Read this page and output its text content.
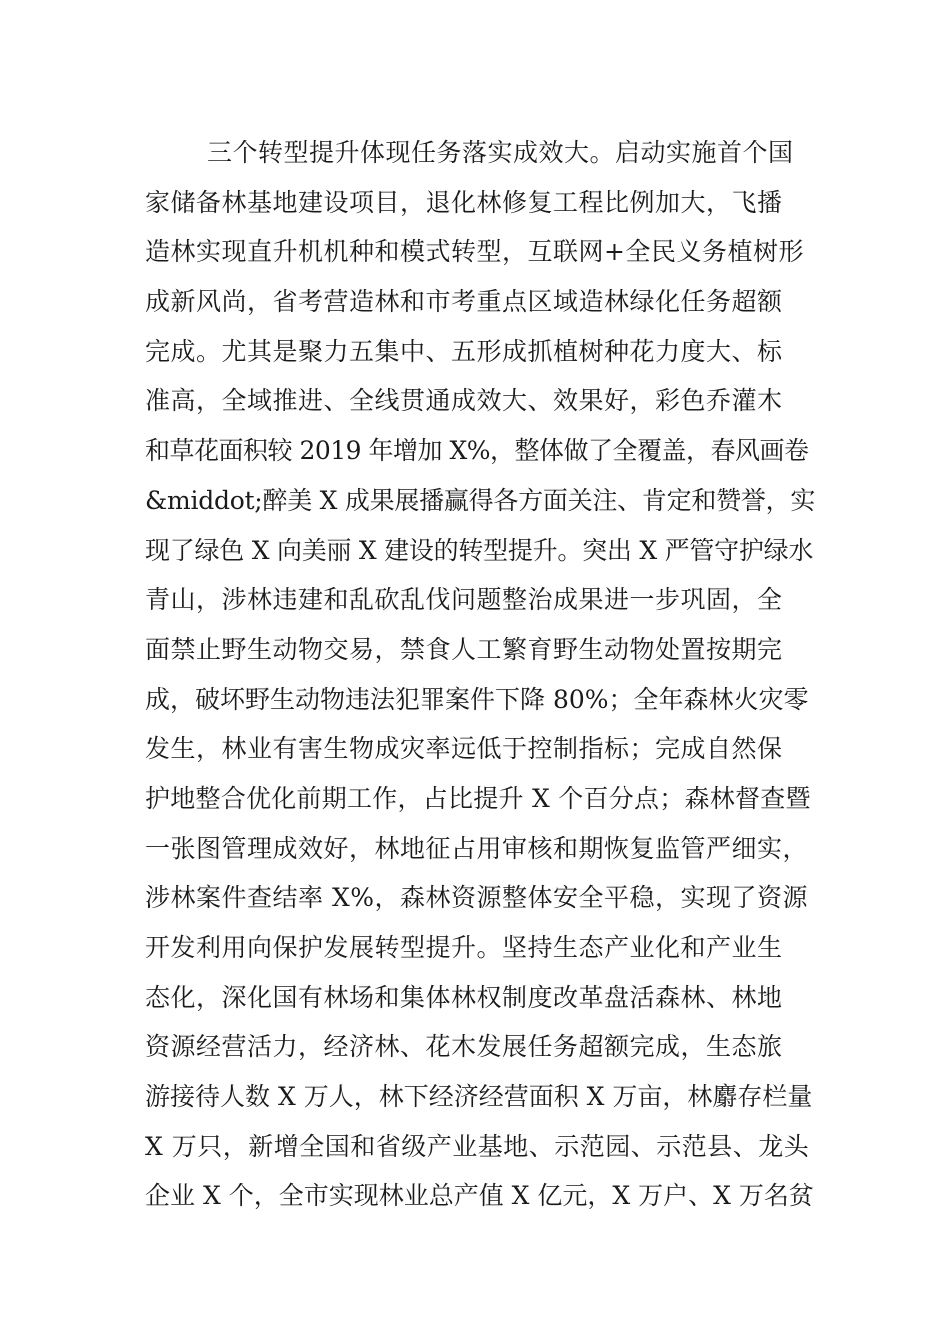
三个转型提升体现任务落实成效大。启动实施首个国
家储备林基地建设项目，退化林修复工程比例加大，飞播
造林实现直升机机种和模式转型，互联网+全民义务植树形
成新风尚，省考营造林和市考重点区域造林绿化任务超额
完成。尤其是聚力五集中、五形成抓植树种花力度大、标
准高，全域推进、全线贯通成效大、效果好，彩色乔灌木
和草花面积较 2019 年增加 X%，整体做了全覆盖，春风画卷
&middot;醉美 X 成果展播赢得各方面关注、肯定和赞誉，实
现了绿色 X 向美丽 X 建设的转型提升。突出 X 严管守护绿水
青山，涉林违建和乱砍乱伐问题整治成果进一步巩固，全
面禁止野生动物交易，禁食人工繁育野生动物处置按期完
成，破坏野生动物违法犯罪案件下降 80%；全年森林火灾零
发生，林业有害生物成灾率远低于控制指标；完成自然保
护地整合优化前期工作，占比提升 X 个百分点；森林督查暨
一张图管理成效好，林地征占用审核和期恢复监管严细实，
涉林案件查结率 X%，森林资源整体安全平稳，实现了资源
开发利用向保护发展转型提升。坚持生态产业化和产业生
态化，深化国有林场和集体林权制度改革盘活森林、林地
资源经营活力，经济林、花木发展任务超额完成，生态旅
游接待人数 X 万人，林下经济经营面积 X 万亩，林麝存栏量
X 万只，新增全国和省级产业基地、示范园、示范县、龙头
企业 X 个，全市实现林业总产值 X 亿元，X 万户、X 万名贫
